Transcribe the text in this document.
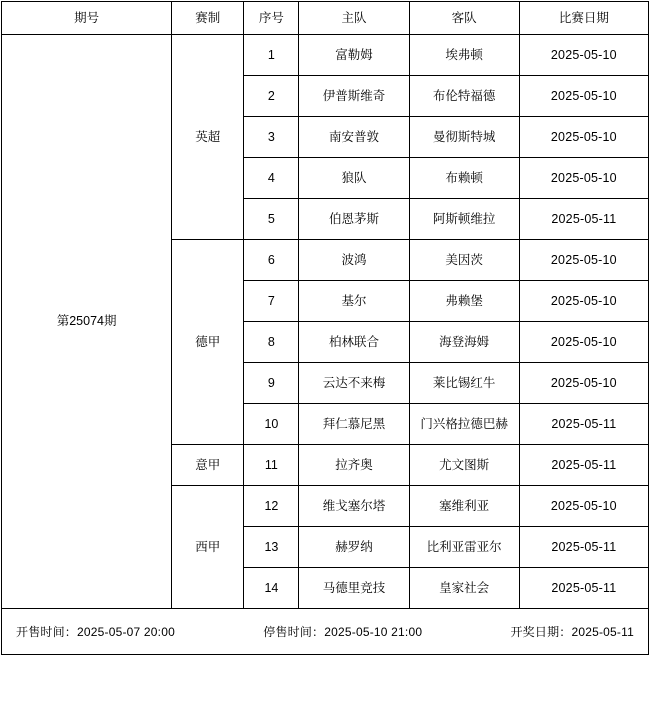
期号	赛制	序号	主队	客队	比赛日期
第25074期	英超	1	富勒姆	埃弗顿	2025-05-10
		2	伊普斯维奇	布伦特福德	2025-05-10
		3	南安普敦	曼彻斯特城	2025-05-10
		4	狼队	布赖顿	2025-05-10
		5	伯恩茅斯	阿斯顿维拉	2025-05-11
	德甲	6	波鸿	美因茨	2025-05-10
		7	基尔	弗赖堡	2025-05-10
		8	柏林联合	海登海姆	2025-05-10
		9	云达不来梅	莱比锡红牛	2025-05-10
		10	拜仁慕尼黑	门兴格拉德巴赫	2025-05-11
	意甲	11	拉齐奥	尤文图斯	2025-05-11
	西甲	12	维戈塞尔塔	塞维利亚	2025-05-10
		13	赫罗纳	比利亚雷亚尔	2025-05-11
		14	马德里竞技	皇家社会	2025-05-11
开售时间：2025-05-07 20:00	停售时间：2025-05-10 21:00	开奖日期：2025-05-11
